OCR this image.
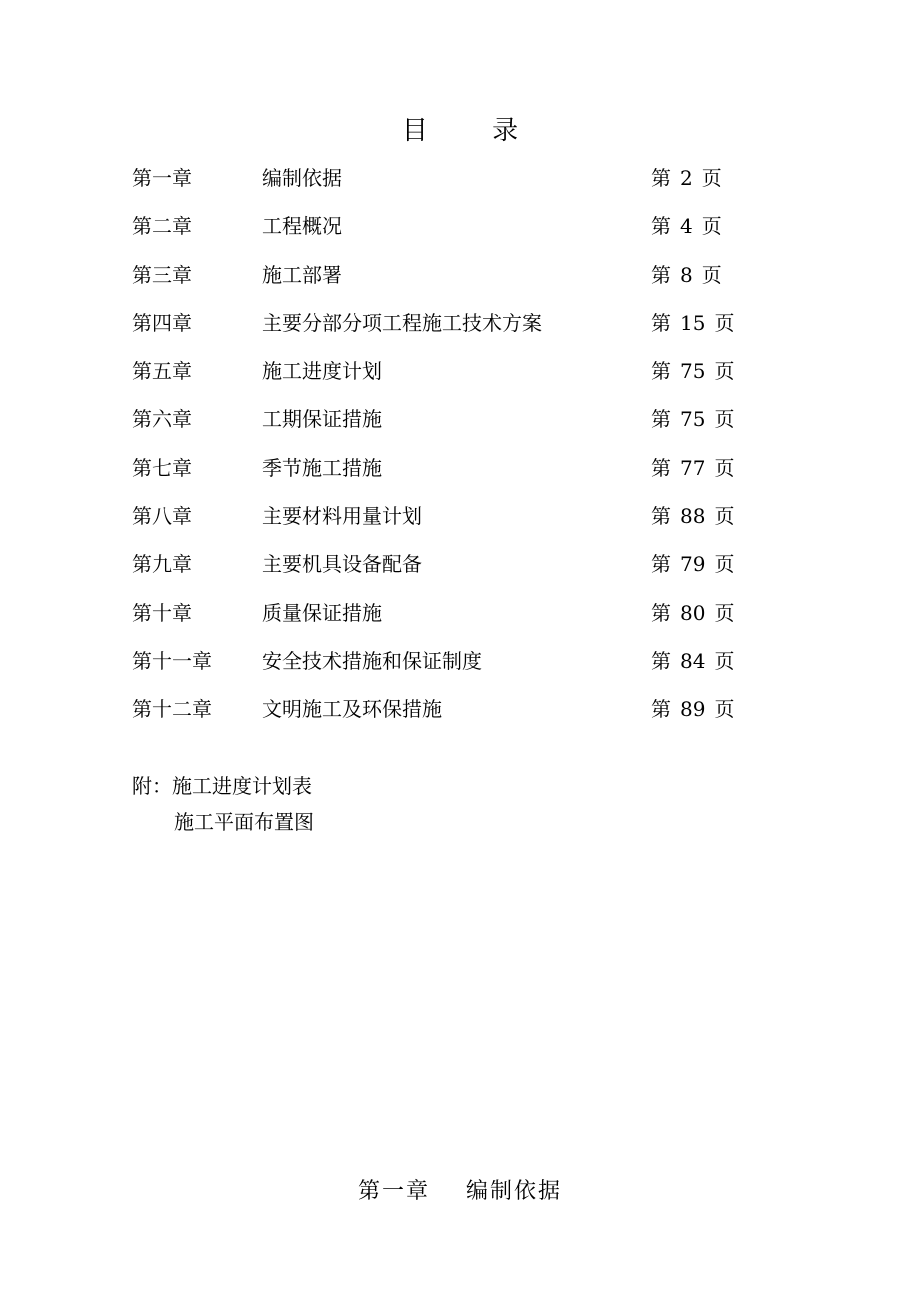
目 录
第一章	编制依据	第 2 页
第二章	工程概况	第 4 页
第三章	施工部署	第 8 页
第四章	主要分部分项工程施工技术方案	第 15 页
第五章	施工进度计划	第 75 页
第六章	工期保证措施	第 75 页
第七章	季节施工措施	第 77 页
第八章	主要材料用量计划	第 88 页
第九章	主要机具设备配备	第 79 页
第十章	质量保证措施	第 80 页
第十一章	安全技术措施和保证制度	第 84 页
第十二章	文明施工及环保措施	第 89 页
附：施工进度计划表
施工平面布置图
第一章 编制依据
